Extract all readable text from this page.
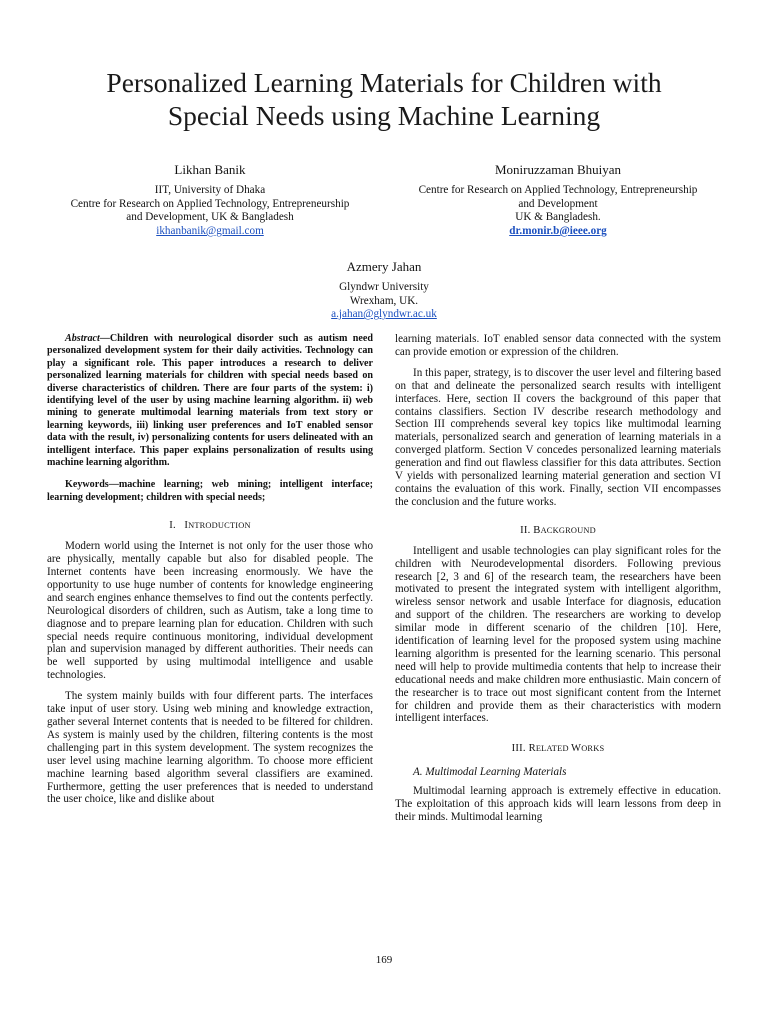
Personalized Learning Materials for Children with
Special Needs using Machine Learning
Likhan Banik
IIT, University of Dhaka
Centre for Research on Applied Technology, Entrepreneurship
and Development, UK & Bangladesh
ikhanbanik@gmail.com
Moniruzzaman Bhuiyan
Centre for Research on Applied Technology, Entrepreneurship
and Development
UK & Bangladesh.
dr.monir.b@ieee.org
Azmery Jahan
Glyndwr University
Wrexham, UK.
a.jahan@glyndwr.ac.uk

Abstract—Children with neurological disorder such as autism need personalized development system for their daily activities. Technology can play a significant role. This paper introduces a research to deliver personalized learning materials for children with special needs based on diverse characteristics of children. There are four parts of the system: i) identifying level of the user by using machine learning algorithm. ii) web mining to generate multimodal learning materials from text story or learning keywords, iii) linking user preferences and IoT enabled sensor data with the result, iv) personalizing contents for users delineated with an intelligent interface. This paper explains personalization of results using machine learning algorithm.

Keywords—machine learning; web mining; intelligent interface; learning development; children with special needs;

I. INTRODUCTION

Modern world using the Internet is not only for the user those who are physically, mentally capable but also for disabled people. The Internet contents have been increasing enormously. We have the opportunity to use huge number of contents for knowledge engineering and search engines enhance themselves to find out the contents perfectly. Neurological disorders of children, such as Autism, take a long time to diagnose and to prepare learning plan for education. Children with such special needs require continuous monitoring, individual development plan and supervision managed by different authorities. Their needs can be well supported by using multimodal intelligence and usable technologies.

The system mainly builds with four different parts. The interfaces take input of user story. Using web mining and knowledge extraction, gather several Internet contents that is needed to be filtered for children. As system is mainly used by the children, filtering contents is the most challenging part in this system development. The system recognizes the user level using machine learning algorithm. To choose more efficient machine learning based algorithm several classifiers are examined. Furthermore, getting the user preferences that is needed to understand the user choice, like and dislike about

learning materials. IoT enabled sensor data connected with the system can provide emotion or expression of the children.

In this paper, strategy, is to discover the user level and filtering based on that and delineate the personalized search results with intelligent interfaces. Here, section II covers the background of this paper that contains classifiers. Section IV describe research methodology and Section III comprehends several key topics like multimodal learning materials, personalized search and generation of learning materials in a converged platform. Section V concedes personalized learning materials generation and find out flawless classifier for this data attributes. Section V yields with personalized learning material generation and section VI contains the evaluation of this work. Finally, section VII encompasses the conclusion and the future works.

II. BACKGROUND

Intelligent and usable technologies can play significant roles for the children with Neurodevelopmental disorders. Following previous research [2, 3 and 6] of the research team, the researchers have been motivated to present the integrated system with intelligent algorithm, wireless sensor network and usable Interface for diagnosis, education and support of the children. The researchers are working to develop similar mode in different scenario of the children [10]. Here, identification of learning level for the proposed system using machine learning algorithm is presented for the learning scenario. This personal need will help to provide multimedia contents that help to increase their educational needs and make children more enthusiastic. Main concern of the researcher is to trace out most significant content from the Internet for children and provide them as their characteristics with modern intelligent interfaces.

III. RELATED WORKS
A. Multimodal Learning Materials

Multimodal learning approach is extremely effective in education. The exploitation of this approach kids will learn lessons from deep in their minds. Multimodal learning

169
